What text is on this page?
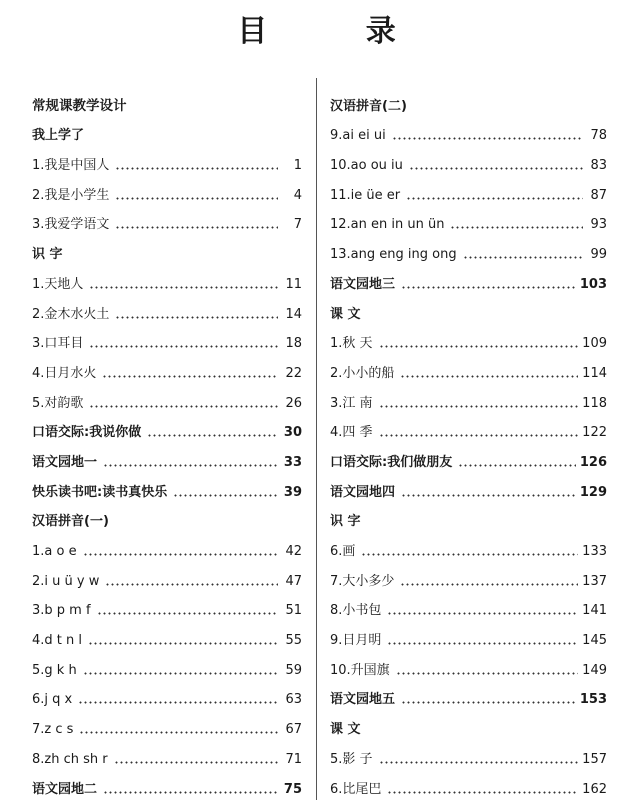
目 录
常规课教学设计
我上学了
1.我是中国人	1
2.我是小学生	4
3.我爱学语文	7
识 字
1.天地人	11
2.金木水火土	14
3.口耳目	18
4.日月水火	22
5.对韵歌	26
口语交际:我说你做	30
语文园地一	33
快乐读书吧:读书真快乐	39
汉语拼音(一)
1.a o e	42
2.i u ü y w	47
3.b p m f	51
4.d t n l	55
5.g k h	59
6.j q x	63
7.z c s	67
8.zh ch sh r	71
语文园地二	75
汉语拼音(二)
9.ai ei ui	78
10.ao ou iu	83
11.ie üe er	87
12.an en in un ün	93
13.ang eng ing ong	99
语文园地三	103
课 文
1.秋 天	109
2.小小的船	114
3.江 南	118
4.四 季	122
口语交际:我们做朋友	126
语文园地四	129
识 字
6.画	133
7.大小多少	137
8.小书包	141
9.日月明	145
10.升国旗	149
语文园地五	153
课 文
5.影 子	157
6.比尾巴	162
